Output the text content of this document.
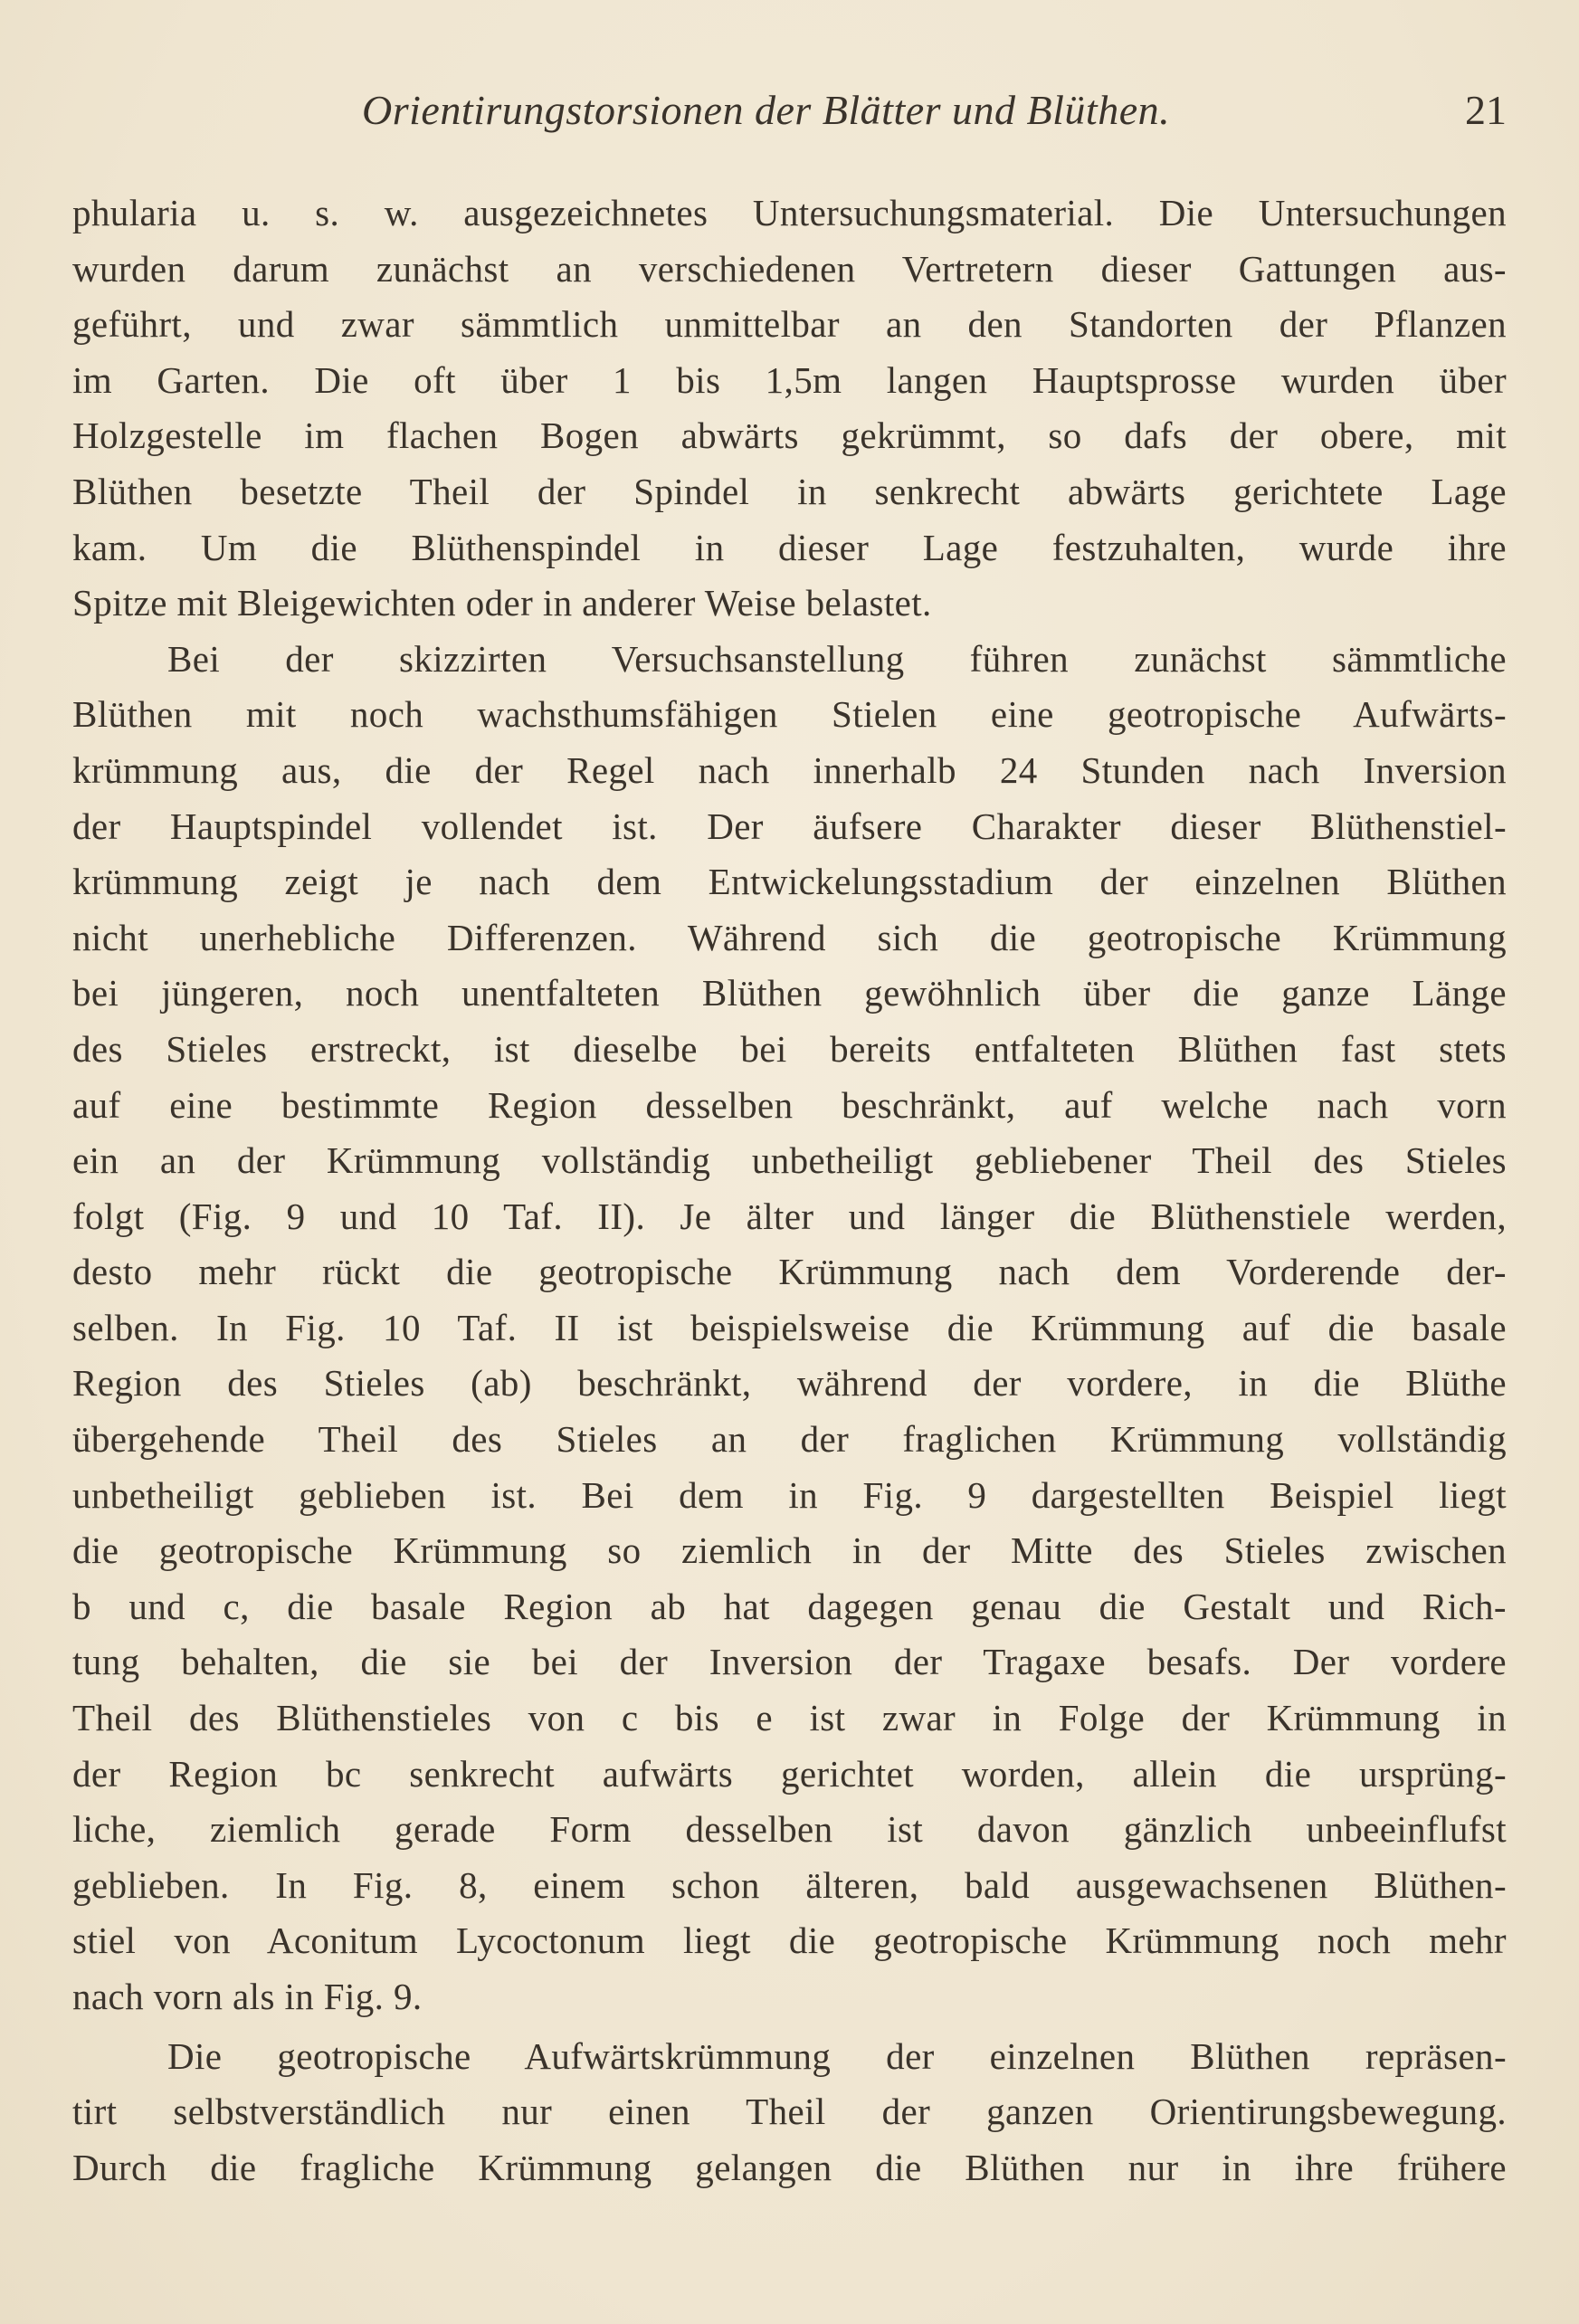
Orientirungstorsionen der Blätter und Blüthen.	21
phularia u. s. w. ausgezeichnetes Untersuchungsmaterial. Die Untersuchungen
wurden darum zunächst an verschiedenen Vertretern dieser Gattungen aus-
geführt, und zwar sämmtlich unmittelbar an den Standorten der Pflanzen
im Garten. Die oft über 1 bis 1,5m langen Hauptsprosse wurden über
Holzgestelle im flachen Bogen abwärts gekrümmt, so dafs der obere, mit
Blüthen besetzte Theil der Spindel in senkrecht abwärts gerichtete Lage
kam. Um die Blüthenspindel in dieser Lage festzuhalten, wurde ihre
Spitze mit Bleigewichten oder in anderer Weise belastet.
Bei der skizzirten Versuchsanstellung führen zunächst sämmtliche
Blüthen mit noch wachsthumsfähigen Stielen eine geotropische Aufwärts-
krümmung aus, die der Regel nach innerhalb 24 Stunden nach Inversion
der Hauptspindel vollendet ist. Der äufsere Charakter dieser Blüthenstiel-
krümmung zeigt je nach dem Entwickelungsstadium der einzelnen Blüthen
nicht unerhebliche Differenzen. Während sich die geotropische Krümmung
bei jüngeren, noch unentfalteten Blüthen gewöhnlich über die ganze Länge
des Stieles erstreckt, ist dieselbe bei bereits entfalteten Blüthen fast stets
auf eine bestimmte Region desselben beschränkt, auf welche nach vorn
ein an der Krümmung vollständig unbetheiligt gebliebener Theil des Stieles
folgt (Fig. 9 und 10 Taf. II). Je älter und länger die Blüthenstiele werden,
desto mehr rückt die geotropische Krümmung nach dem Vorderende der-
selben. In Fig. 10 Taf. II ist beispielsweise die Krümmung auf die basale
Region des Stieles (ab) beschränkt, während der vordere, in die Blüthe
übergehende Theil des Stieles an der fraglichen Krümmung vollständig
unbetheiligt geblieben ist. Bei dem in Fig. 9 dargestellten Beispiel liegt
die geotropische Krümmung so ziemlich in der Mitte des Stieles zwischen
b und c, die basale Region ab hat dagegen genau die Gestalt und Rich-
tung behalten, die sie bei der Inversion der Tragaxe besafs. Der vordere
Theil des Blüthenstieles von c bis e ist zwar in Folge der Krümmung in
der Region bc senkrecht aufwärts gerichtet worden, allein die ursprüng-
liche, ziemlich gerade Form desselben ist davon gänzlich unbeeinflufst
geblieben. In Fig. 8, einem schon älteren, bald ausgewachsenen Blüthen-
stiel von Aconitum Lycoctonum liegt die geotropische Krümmung noch mehr
nach vorn als in Fig. 9.
Die geotropische Aufwärtskrümmung der einzelnen Blüthen repräsen-
tirt selbstverständlich nur einen Theil der ganzen Orientirungsbewegung.
Durch die fragliche Krümmung gelangen die Blüthen nur in ihre frühere
